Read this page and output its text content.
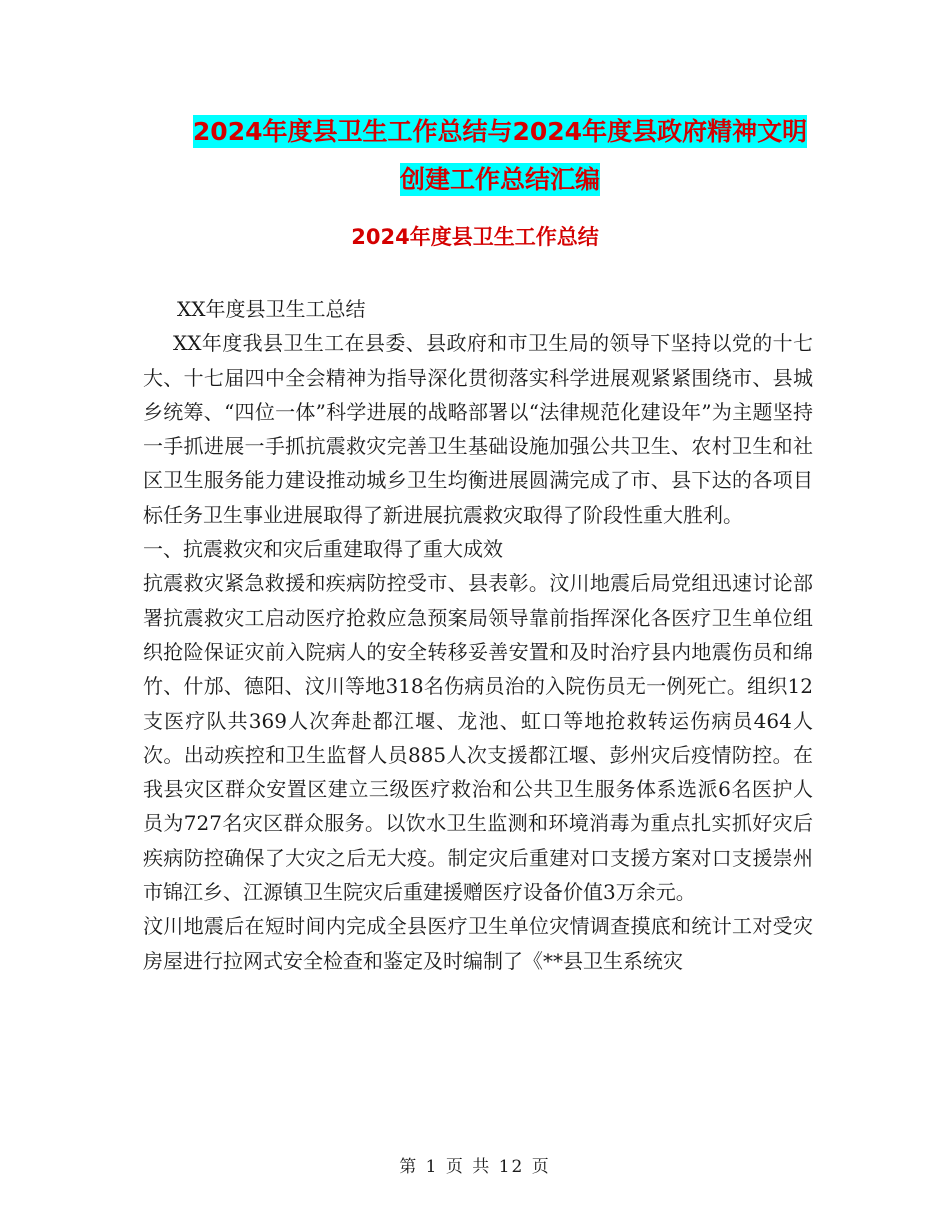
2024年度县卫生工作总结与2024年度县政府精神文明
创建工作总结汇编
2024年度县卫生工作总结

XX年度县卫生工总结

XX年度我县卫生工在县委、县政府和市卫生局的领导下坚持以党的十七大、十七届四中全会精神为指导深化贯彻落实科学进展观紧紧围绕市、县城乡统筹、“四位一体”科学进展的战略部署以“法律规范化建设年”为主题坚持一手抓进展一手抓抗震救灾完善卫生基础设施加强公共卫生、农村卫生和社区卫生服务能力建设推动城乡卫生均衡进展圆满完成了市、县下达的各项目标任务卫生事业进展取得了新进展抗震救灾取得了阶段性重大胜利。

一、抗震救灾和灾后重建取得了重大成效

抗震救灾紧急救援和疾病防控受市、县表彰。汶川地震后局党组迅速讨论部署抗震救灾工启动医疗抢救应急预案局领导靠前指挥深化各医疗卫生单位组织抢险保证灾前入院病人的安全转移妥善安置和及时治疗县内地震伤员和绵竹、什邡、德阳、汶川等地318名伤病员治的入院伤员无一例死亡。组织12支医疗队共369人次奔赴都江堰、龙池、虹口等地抢救转运伤病员464人次。出动疾控和卫生监督人员885人次支援都江堰、彭州灾后疫情防控。在我县灾区群众安置区建立三级医疗救治和公共卫生服务体系选派6名医护人员为727名灾区群众服务。以饮水卫生监测和环境消毒为重点扎实抓好灾后疾病防控确保了大灾之后无大疫。制定灾后重建对口支援方案对口支援崇州市锦江乡、江源镇卫生院灾后重建援赠医疗设备价值3万余元。

汶川地震后在短时间内完成全县医疗卫生单位灾情调查摸底和统计工对受灾房屋进行拉网式安全检查和鉴定及时编制了《**县卫生系统灾

第 1 页 共 12 页
